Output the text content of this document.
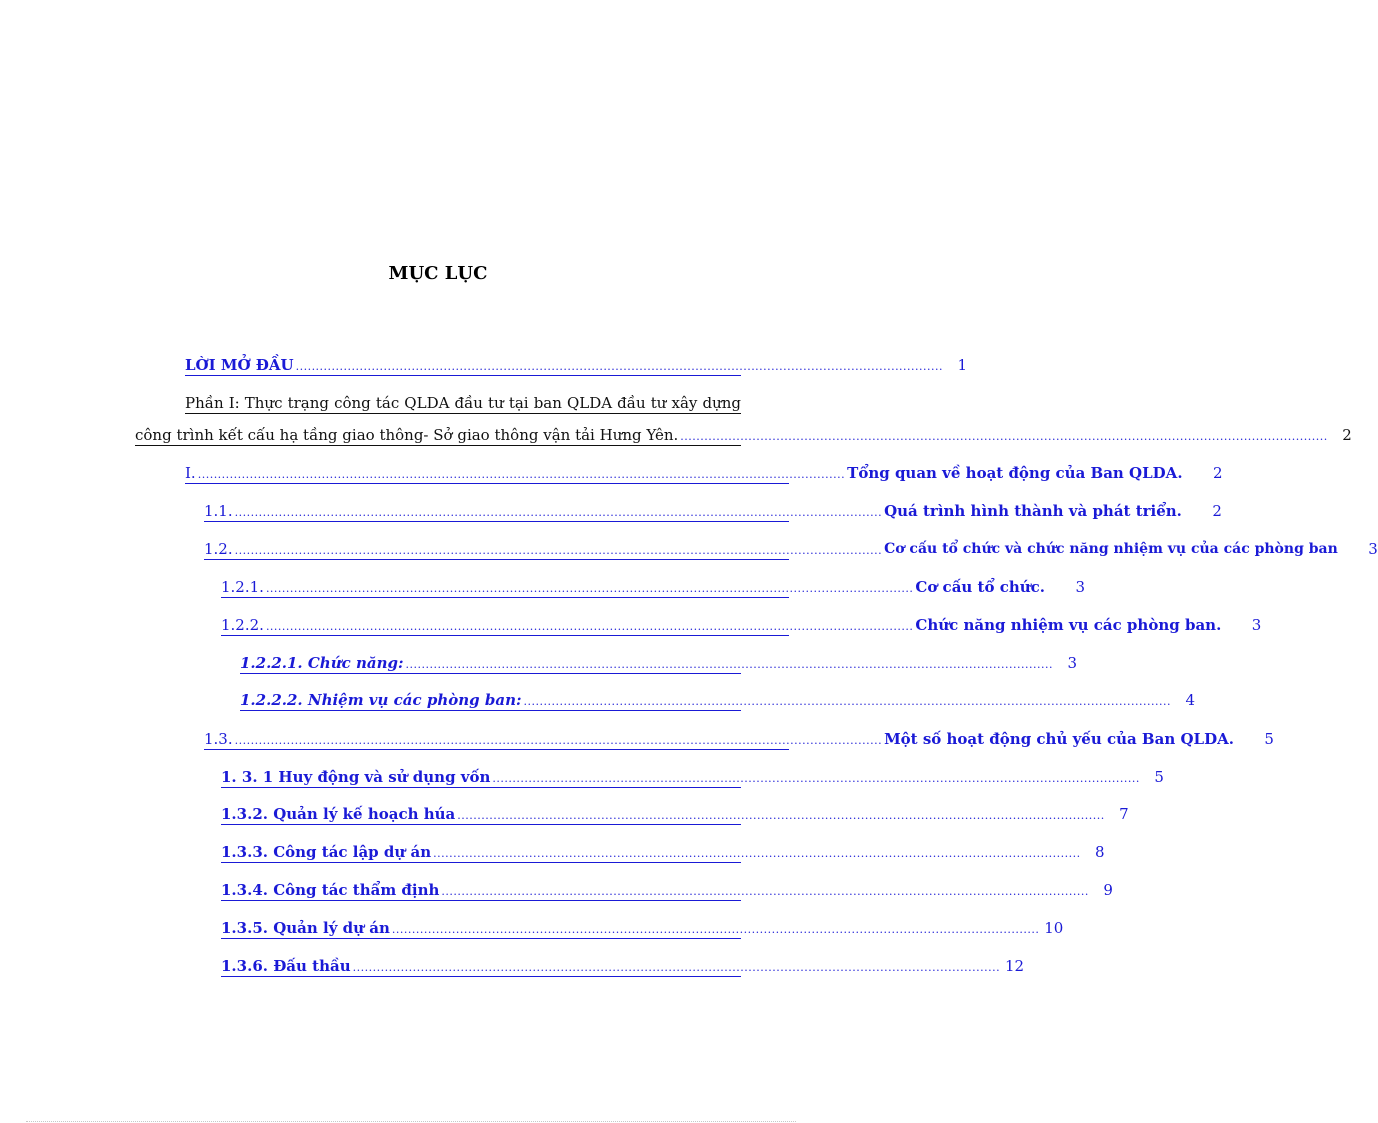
MỤC LỤC
LỜI MỞ ĐẦU .................................................................................................................................................................. 1
Phần I: Thực trạng công tác QLDA đầu tư tại ban QLDA đầu tư xây dựng
công trình kết cấu hạ tầng giao thông- Sở giao thông vận tải Hưng Yên. .................................................................................................................................................................. 2
I. .................................................................................................................................................................. Tổng quan về hoạt động của Ban QLDA.	2
1.1. .................................................................................................................................................................. Quá trình hình thành và phát triển.	2
1.2. .................................................................................................................................................................. Cơ cấu tổ chức và chức năng nhiệm vụ của các phòng ban	3
1.2.1. .................................................................................................................................................................. Cơ cấu tổ chức.	3
1.2.2. .................................................................................................................................................................. Chức năng nhiệm vụ các phòng ban.	3
1.2.2.1. Chức năng: .................................................................................................................................................................. 3
1.2.2.2. Nhiệm vụ các phòng ban: .................................................................................................................................................................. 4
1.3. .................................................................................................................................................................. Một số hoạt động chủ yếu của Ban QLDA.	5
1. 3. 1 Huy động và sử dụng vốn .................................................................................................................................................................. 5
1.3.2. Quản lý kế hoạch húa .................................................................................................................................................................. 7
1.3.3. Công tác lập dự án .................................................................................................................................................................. 8
1.3.4. Công tác thẩm định .................................................................................................................................................................. 9
1.3.5. Quản lý dự án .................................................................................................................................................................. 10
1.3.6. Đấu thầu .................................................................................................................................................................. 12
